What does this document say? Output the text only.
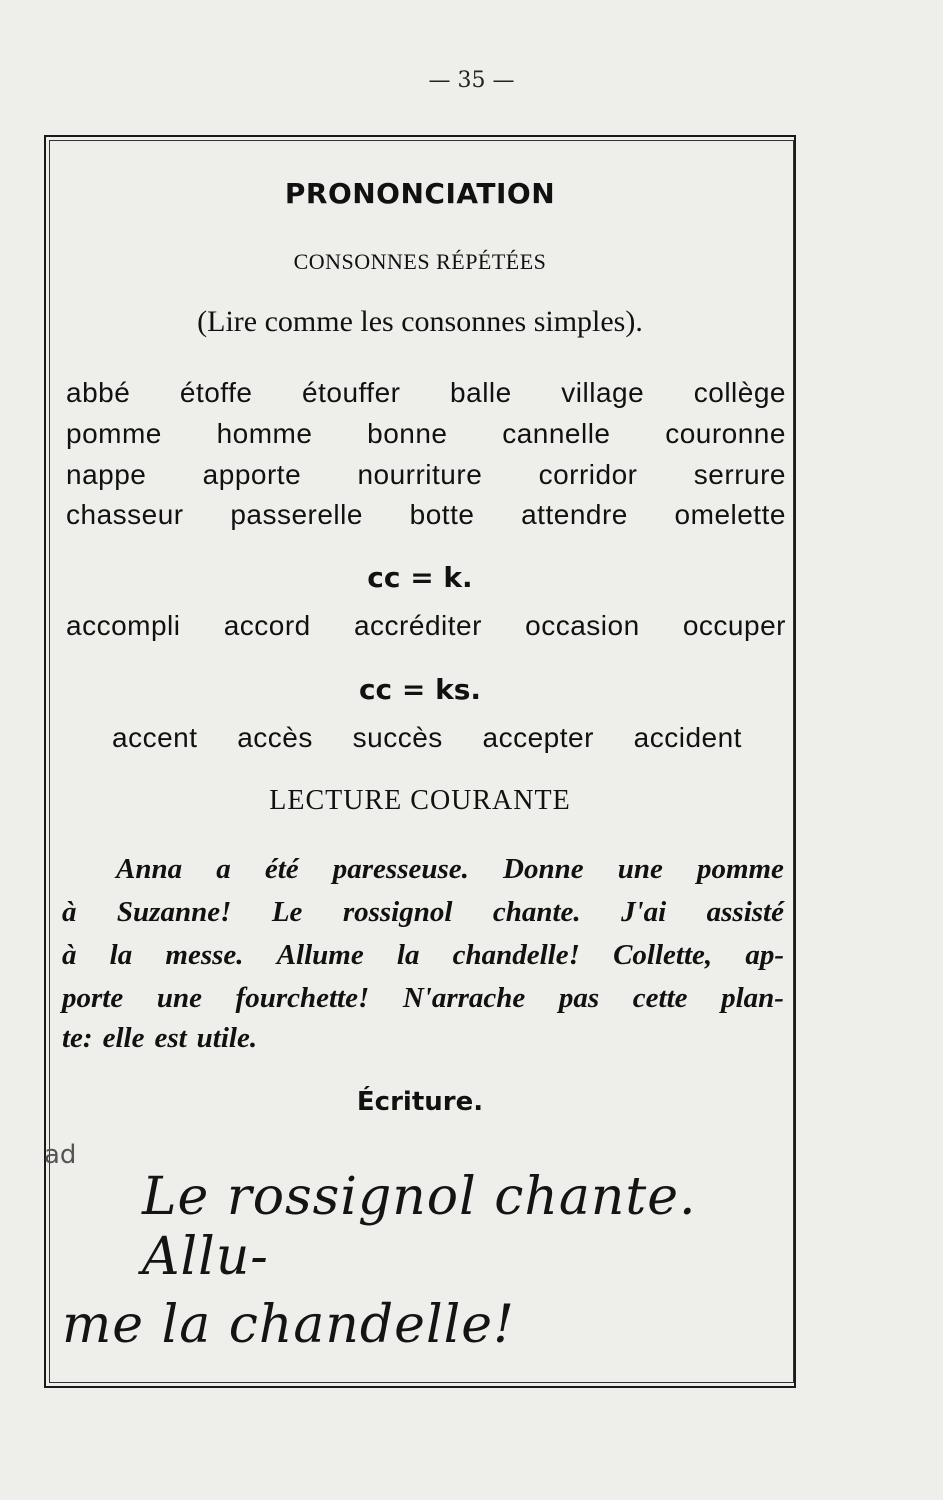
— 35 —
PRONONCIATION
CONSONNES RÉPÉTÉES
(Lire comme les consonnes simples).
abbé étoffe étouffer balle village collège
pomme homme bonne cannelle couronne
nappe apporte nourriture corridor serrure
chasseur passerelle botte attendre omelette
cc = k.
accompli accord accréditer occasion occuper
cc = ks.
accent accès succès accepter accident
LECTURE COURANTE
Anna a été paresseuse. Donne une pomme
à Suzanne! Le rossignol chante. J'ai assisté
à la messe. Allume la chandelle! Collette, ap-
porte une fourchette! N'arrache pas cette plan-
te: elle est utile.
Écriture.
Le rossignol chante. Allu-
me la chandelle!
ad
